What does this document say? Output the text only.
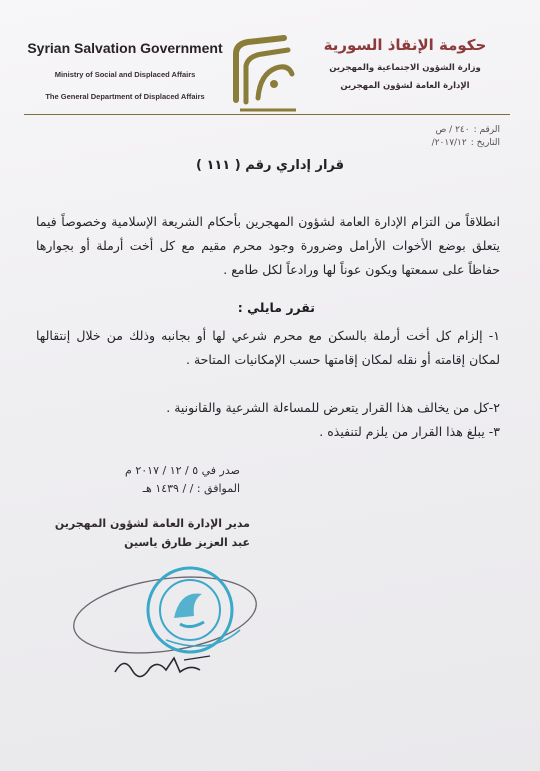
Syrian Salvation Government
Ministry of Social and Displaced Affairs
The General Department of Displaced Affairs
حكومة الإنقاذ السورية
وزارة الشؤون الاجتماعية والمهجرين
الإدارة العامة لشؤون المهجرين
الرقم :٢٤٠ / ص
التاريخ :٢٠١٧/١٢/
قرار إداري رقم ( ١١١ )
انطلاقاً من التزام الإدارة العامة لشؤون المهجرين بأحكام الشريعة الإسلامية وخصوصاً فيما يتعلق بوضع الأخوات الأرامل وضرورة وجود محرم مقيم مع كل أخت أرملة أو بجوارها حفاظاً على سمعتها ويكون عوناً لها ورادعاً لكل طامع .
تقرر مايلي :
١- إلزام كل أخت أرملة بالسكن مع محرم شرعي لها أو بجانبه وذلك من خلال إنتقالها لمكان إقامته أو نقله لمكان إقامتها حسب الإمكانيات المتاحة .
٢-كل من يخالف هذا القرار يتعرض للمساءلة الشرعية والقانونية .
٣- يبلغ هذا القرار من يلزم لتنفيذه .
صدر في ٥ / ١٢ / ٢٠١٧ م
الموافق : / / ١٤٣٩ هـ
مدير الإدارة العامة لشؤون المهجرين
عبد العزيز طارق ياسين
